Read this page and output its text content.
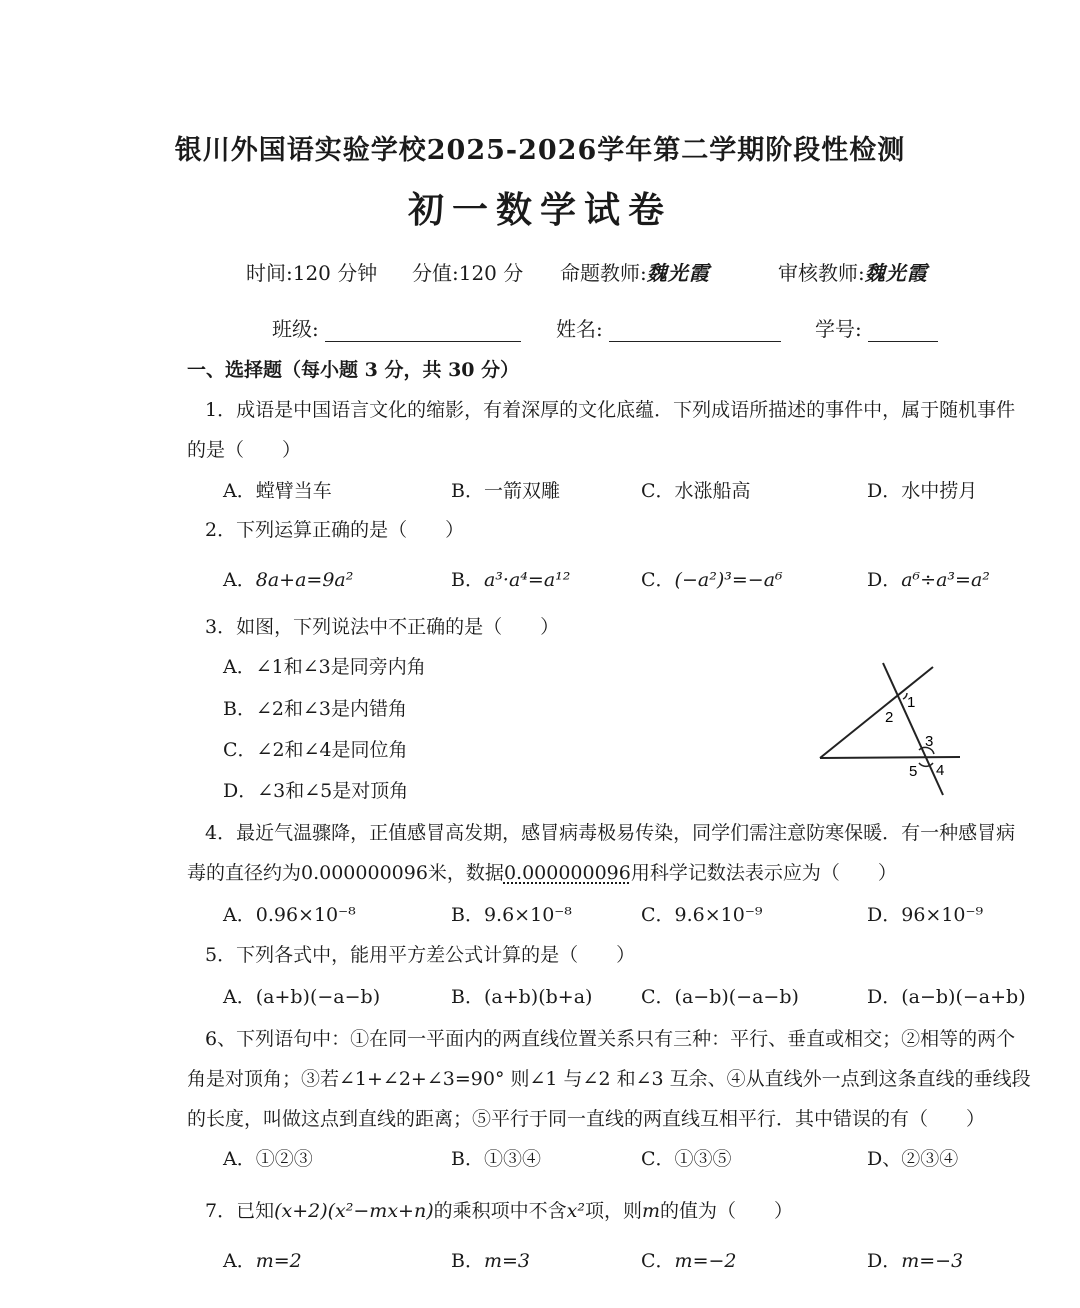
银川外国语实验学校2025-2026学年第二学期阶段性检测
初一数学试卷
时间:120 分钟 分值:120 分 命题教师:魏光霞	审核教师:魏光霞
班级:	姓名:	学号:
一、选择题（每小题 3 分，共 30 分）
1．成语是中国语言文化的缩影，有着深厚的文化底蕴．下列成语所描述的事件中，属于随机事件
的是（　　）
A．螳臂当车	B．一箭双雕	C．水涨船高	D．水中捞月
2．下列运算正确的是（　　）
A．8a+a=9a²	B．a³·a⁴=a¹²	C．(−a²)³=−a⁶	D．a⁶÷a³=a²
3．如图，下列说法中不正确的是（　　）
A．∠1和∠3是同旁内角
B．∠2和∠3是内错角
C．∠2和∠4是同位角
D．∠3和∠5是对顶角
1
2
3
4
5
4．最近气温骤降，正值感冒高发期，感冒病毒极易传染，同学们需注意防寒保暖．有一种感冒病
毒的直径约为0.000000096米，数据0.000000096用科学记数法表示应为（　　）
A．0.96×10⁻⁸	B．9.6×10⁻⁸	C．9.6×10⁻⁹	D．96×10⁻⁹
5．下列各式中，能用平方差公式计算的是（　　）
A．(a+b)(−a−b)	B．(a+b)(b+a)	C．(a−b)(−a−b)	D．(a−b)(−a+b)
6、下列语句中：①在同一平面内的两直线位置关系只有三种：平行、垂直或相交；②相等的两个
角是对顶角；③若∠1+∠2+∠3=90° 则∠1 与∠2 和∠3 互余、④从直线外一点到这条直线的垂线段
的长度，叫做这点到直线的距离；⑤平行于同一直线的两直线互相平行．其中错误的有（　　）
A．①②③	B．①③④	C．①③⑤	D、②③④
7．已知(x+2)(x²−mx+n)的乘积项中不含x²项，则m的值为（　　）
A．m=2	B．m=3	C．m=−2	D．m=−3
